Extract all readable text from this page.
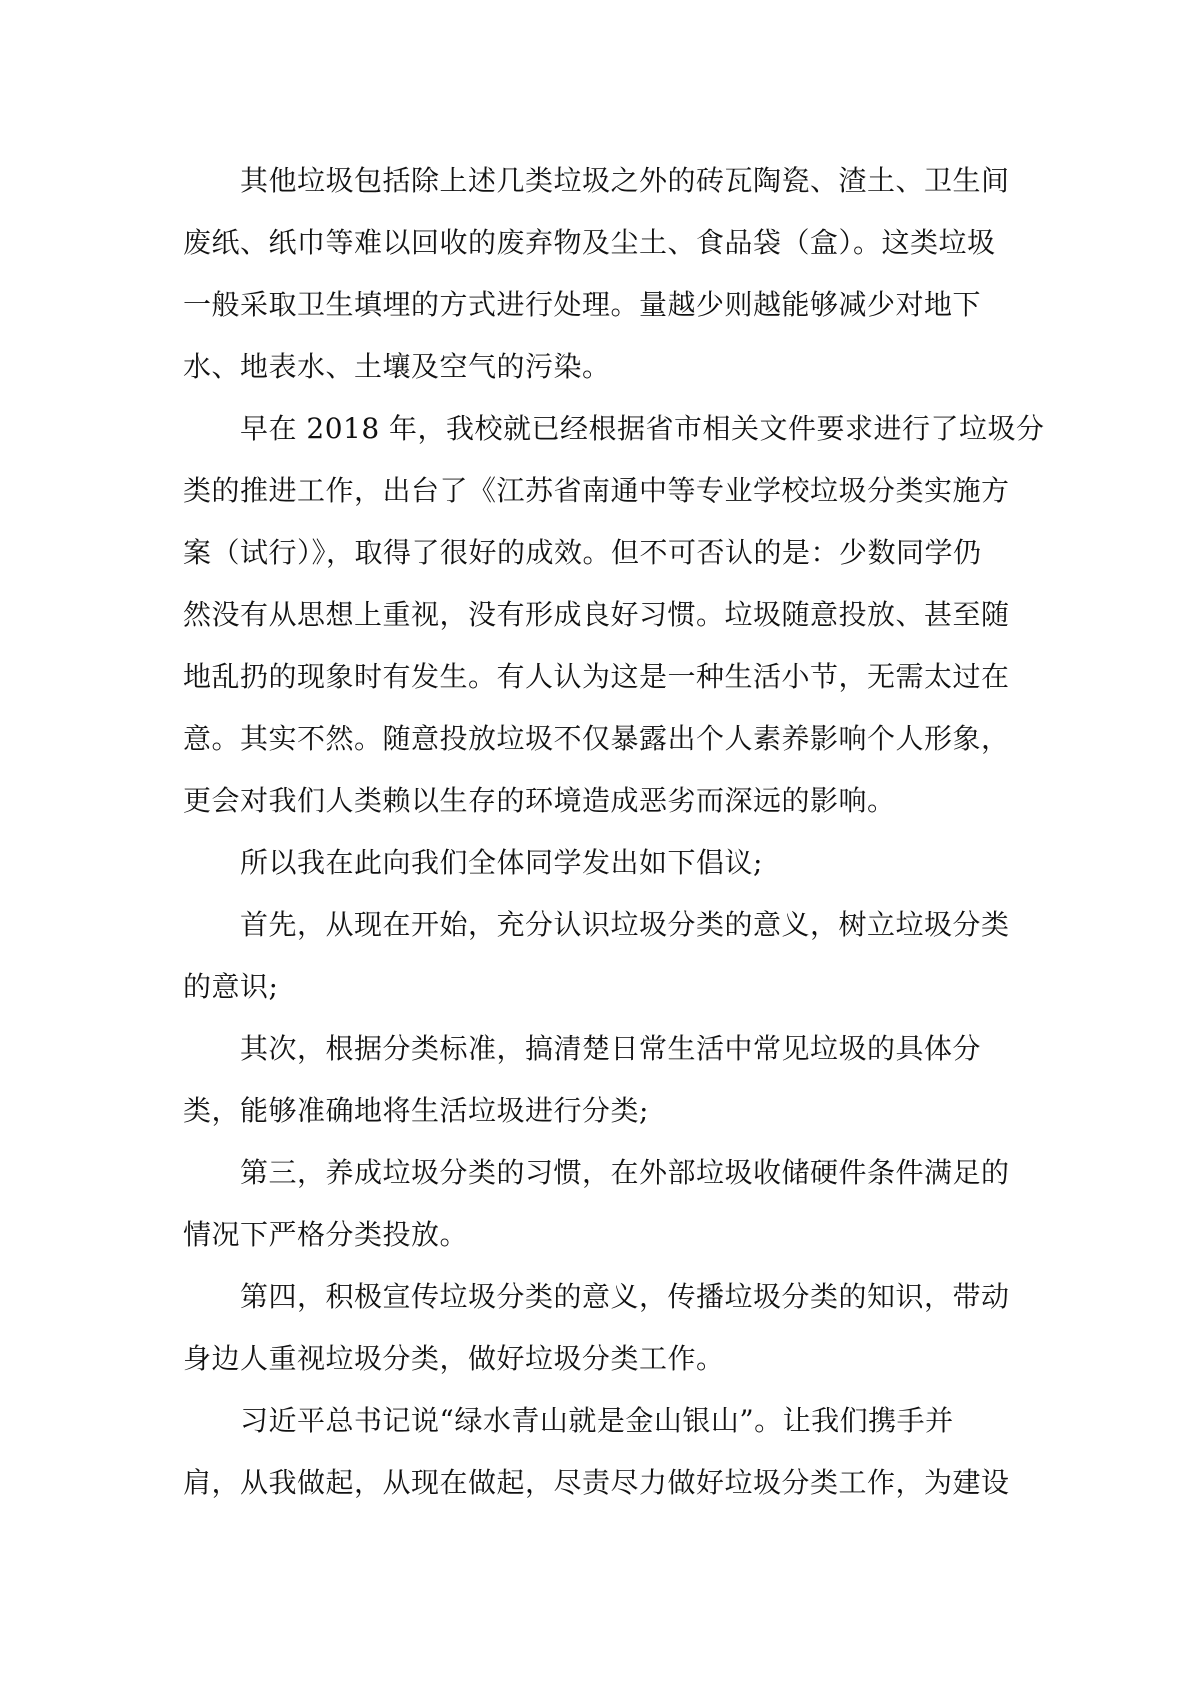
其他垃圾包括除上述几类垃圾之外的砖瓦陶瓷、渣土、卫生间
废纸、纸巾等难以回收的废弃物及尘土、食品袋（盒）。这类垃圾
一般采取卫生填埋的方式进行处理。量越少则越能够减少对地下
水、地表水、土壤及空气的污染。
早在 2018 年，我校就已经根据省市相关文件要求进行了垃圾分
类的推进工作，出台了《江苏省南通中等专业学校垃圾分类实施方
案（试行）》，取得了很好的成效。但不可否认的是：少数同学仍
然没有从思想上重视，没有形成良好习惯。垃圾随意投放、甚至随
地乱扔的现象时有发生。有人认为这是一种生活小节，无需太过在
意。其实不然。随意投放垃圾不仅暴露出个人素养影响个人形象，
更会对我们人类赖以生存的环境造成恶劣而深远的影响。
所以我在此向我们全体同学发出如下倡议;
首先，从现在开始，充分认识垃圾分类的意义，树立垃圾分类
的意识;
其次，根据分类标准，搞清楚日常生活中常见垃圾的具体分
类，能够准确地将生活垃圾进行分类;
第三，养成垃圾分类的习惯，在外部垃圾收储硬件条件满足的
情况下严格分类投放。
第四，积极宣传垃圾分类的意义，传播垃圾分类的知识，带动
身边人重视垃圾分类，做好垃圾分类工作。
习近平总书记说“绿水青山就是金山银山”。让我们携手并
肩，从我做起，从现在做起，尽责尽力做好垃圾分类工作，为建设
